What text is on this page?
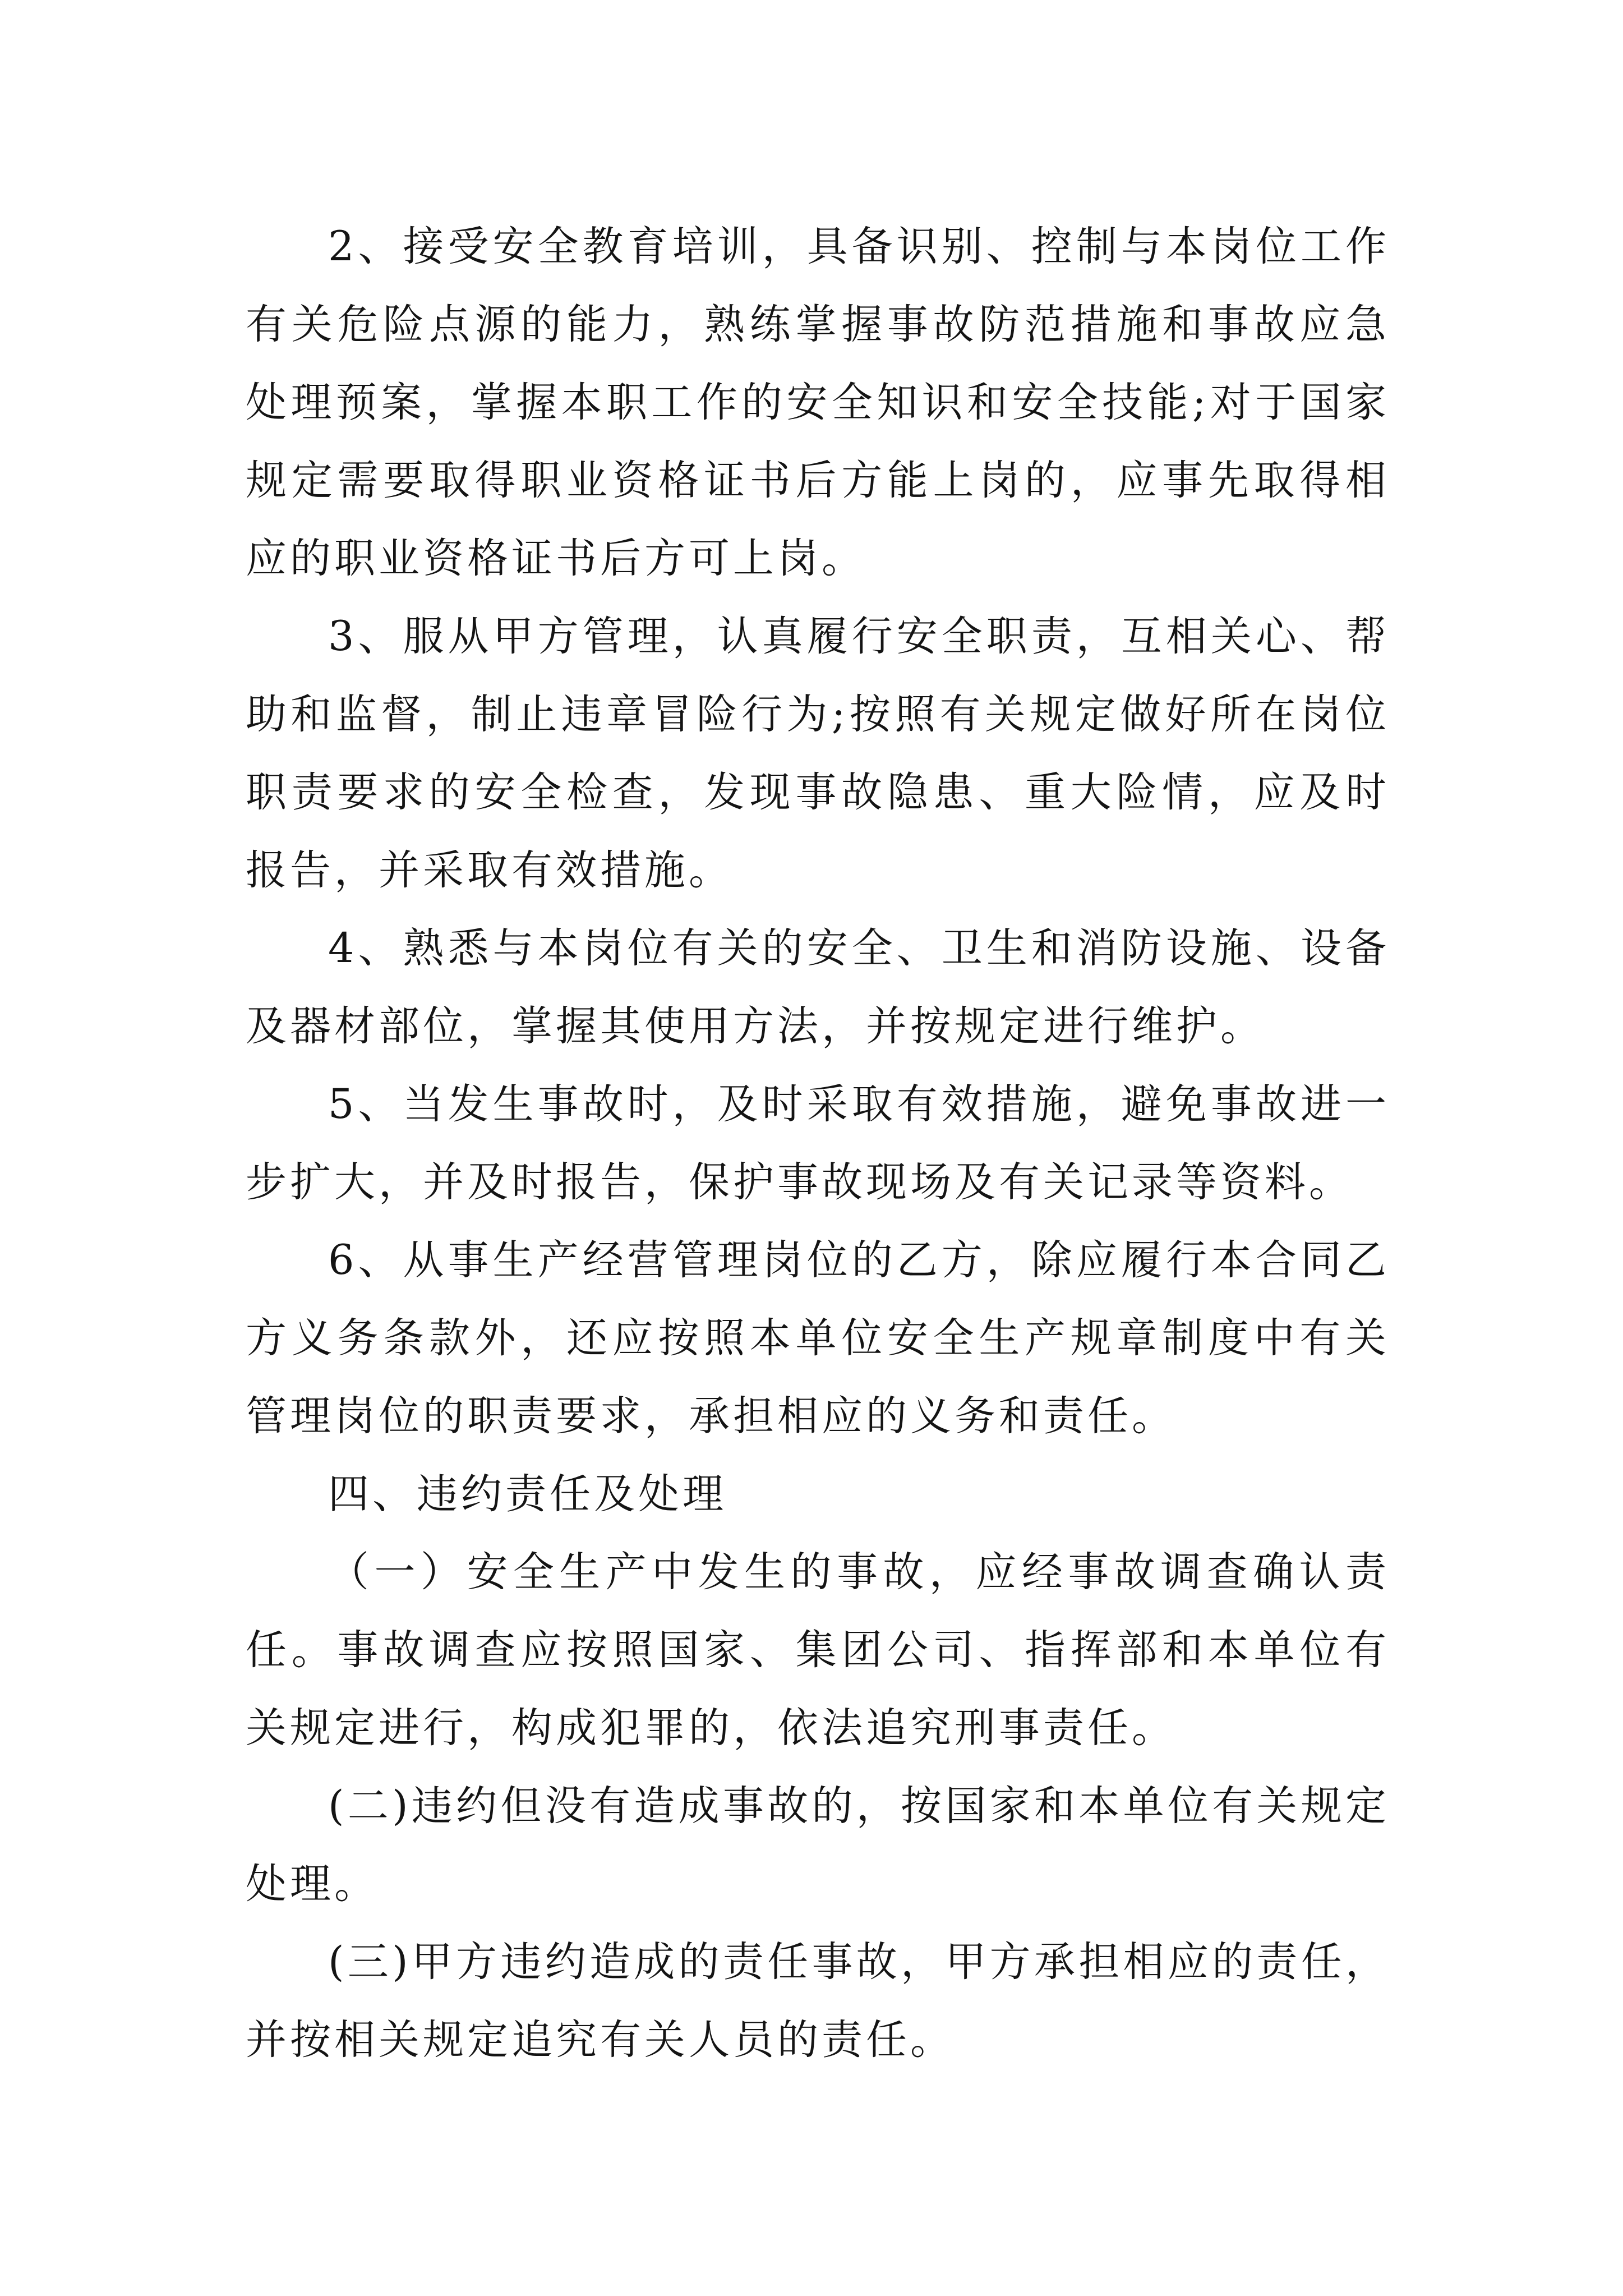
2、接受安全教育培训，具备识别、控制与本岗位工作有关危险点源的能力，熟练掌握事故防范措施和事故应急处理预案，掌握本职工作的安全知识和安全技能;对于国家规定需要取得职业资格证书后方能上岗的，应事先取得相应的职业资格证书后方可上岗。

3、服从甲方管理，认真履行安全职责，互相关心、帮助和监督，制止违章冒险行为;按照有关规定做好所在岗位职责要求的安全检查，发现事故隐患、重大险情，应及时报告，并采取有效措施。

4、熟悉与本岗位有关的安全、卫生和消防设施、设备及器材部位，掌握其使用方法，并按规定进行维护。

5、当发生事故时，及时采取有效措施，避免事故进一步扩大，并及时报告，保护事故现场及有关记录等资料。

6、从事生产经营管理岗位的乙方，除应履行本合同乙方义务条款外，还应按照本单位安全生产规章制度中有关管理岗位的职责要求，承担相应的义务和责任。

四、违约责任及处理

（一）安全生产中发生的事故，应经事故调查确认责任。事故调查应按照国家、集团公司、指挥部和本单位有关规定进行，构成犯罪的，依法追究刑事责任。

(二)违约但没有造成事故的，按国家和本单位有关规定处理。

(三)甲方违约造成的责任事故，甲方承担相应的责任，并按相关规定追究有关人员的责任。
